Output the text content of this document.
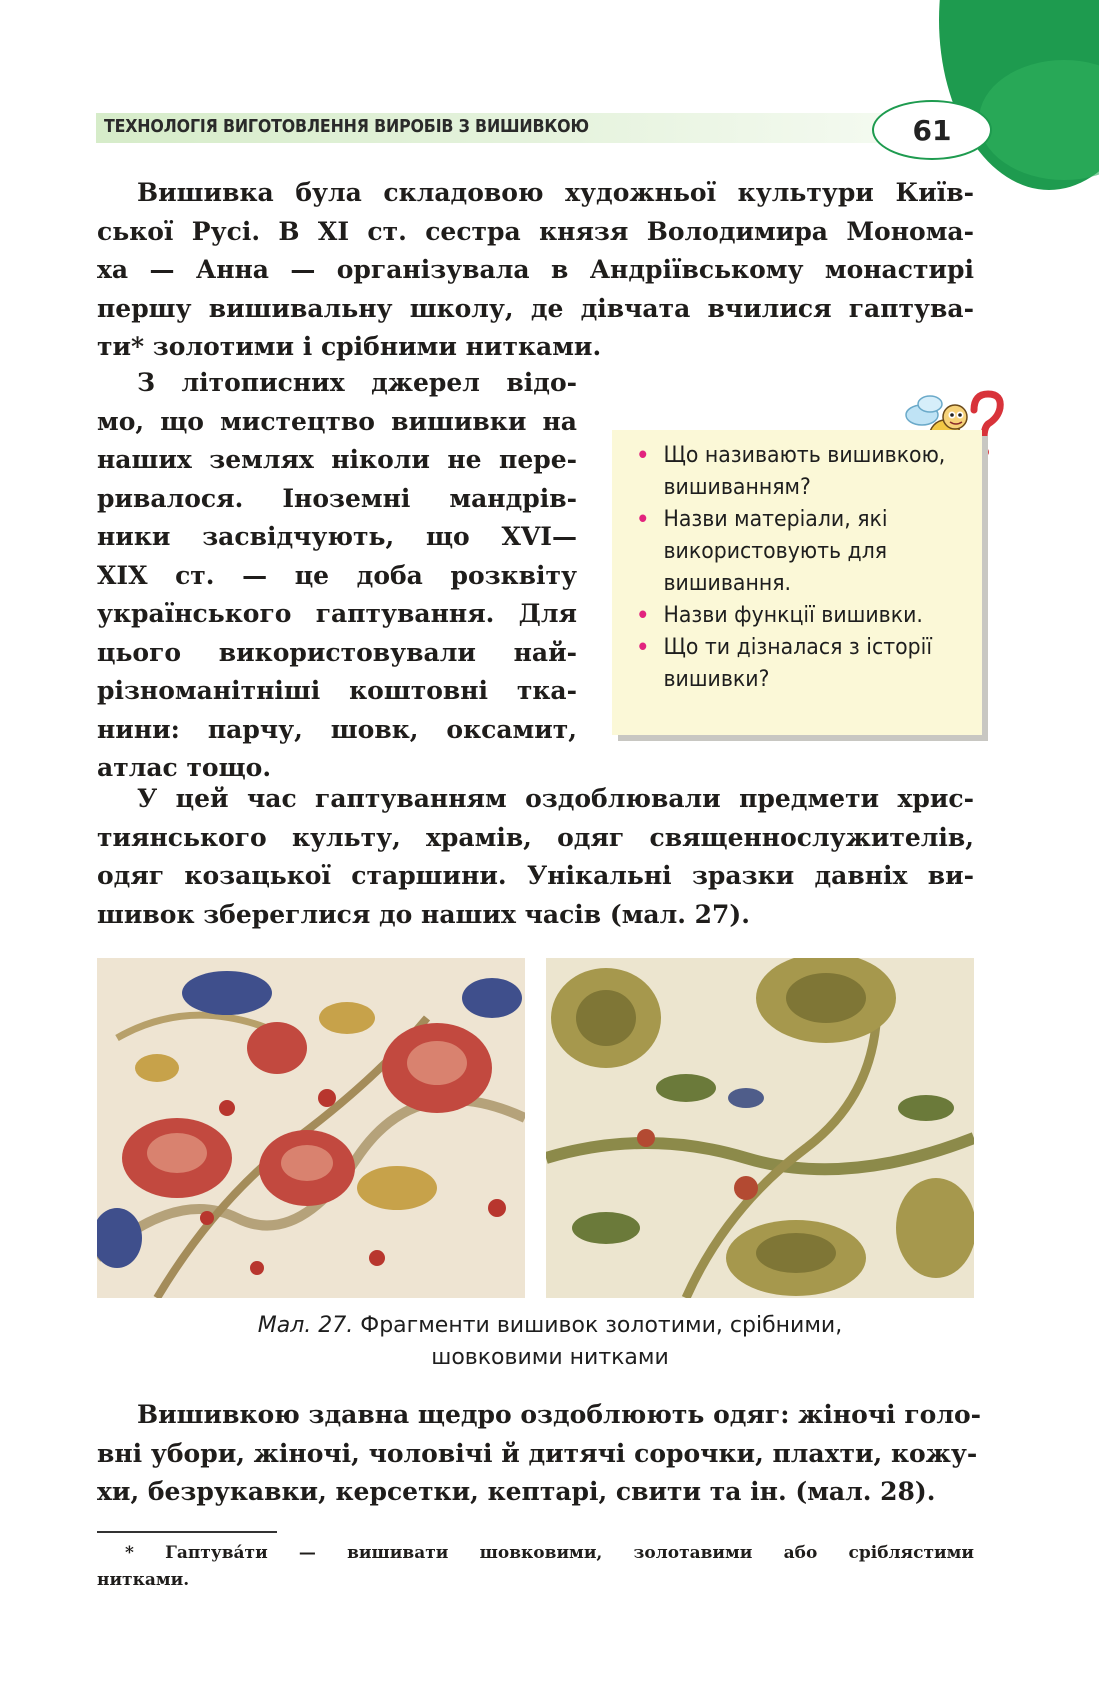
ТЕХНОЛОГІЯ ВИГОТОВЛЕННЯ ВИРОБІВ З ВИШИВКОЮ	61
Вишивка була складовою художньої культури Київ-
ської Русі. В XI ст. сестра князя Володимира Монома-
ха — Анна — організувала в Андріївському монастирі
першу вишивальну школу, де дівчата вчилися гаптува-
ти* золотими і срібними нитками.
З літописних джерел відо-
мо, що мистецтво вишивки на
наших землях ніколи не пере-
ривалося. Іноземні мандрів-
ники засвідчують, що XVI—
XIX ст. — це доба розквіту
українського гаптування. Для
цього використовували най-
різноманітніші коштовні тка-
нини: парчу, шовк, оксамит,
атлас тощо.
• Що називають вишивкою, вишиванням?
• Назви матеріали, які використовують для вишивання.
• Назви функції вишивки.
• Що ти дізналася з історії вишивки?
У цей час гаптуванням оздоблювали предмети хрис-
тиянського культу, храмів, одяг священнослужителів,
одяг козацької старшини. Унікальні зразки давніх ви-
шивок збереглися до наших часів (мал. 27).
Мал. 27. Фрагменти вишивок золотими, срібними,
шовковими нитками
Вишивкою здавна щедро оздоблюють одяг: жіночі голо-
вні убори, жіночі, чоловічі й дитячі сорочки, плахти, кожу-
хи, безрукавки, керсетки, кептарі, свити та ін. (мал. 28).
* Гаптува́ти — вишивати шовковими, золотавими або сріблястими
нитками.
